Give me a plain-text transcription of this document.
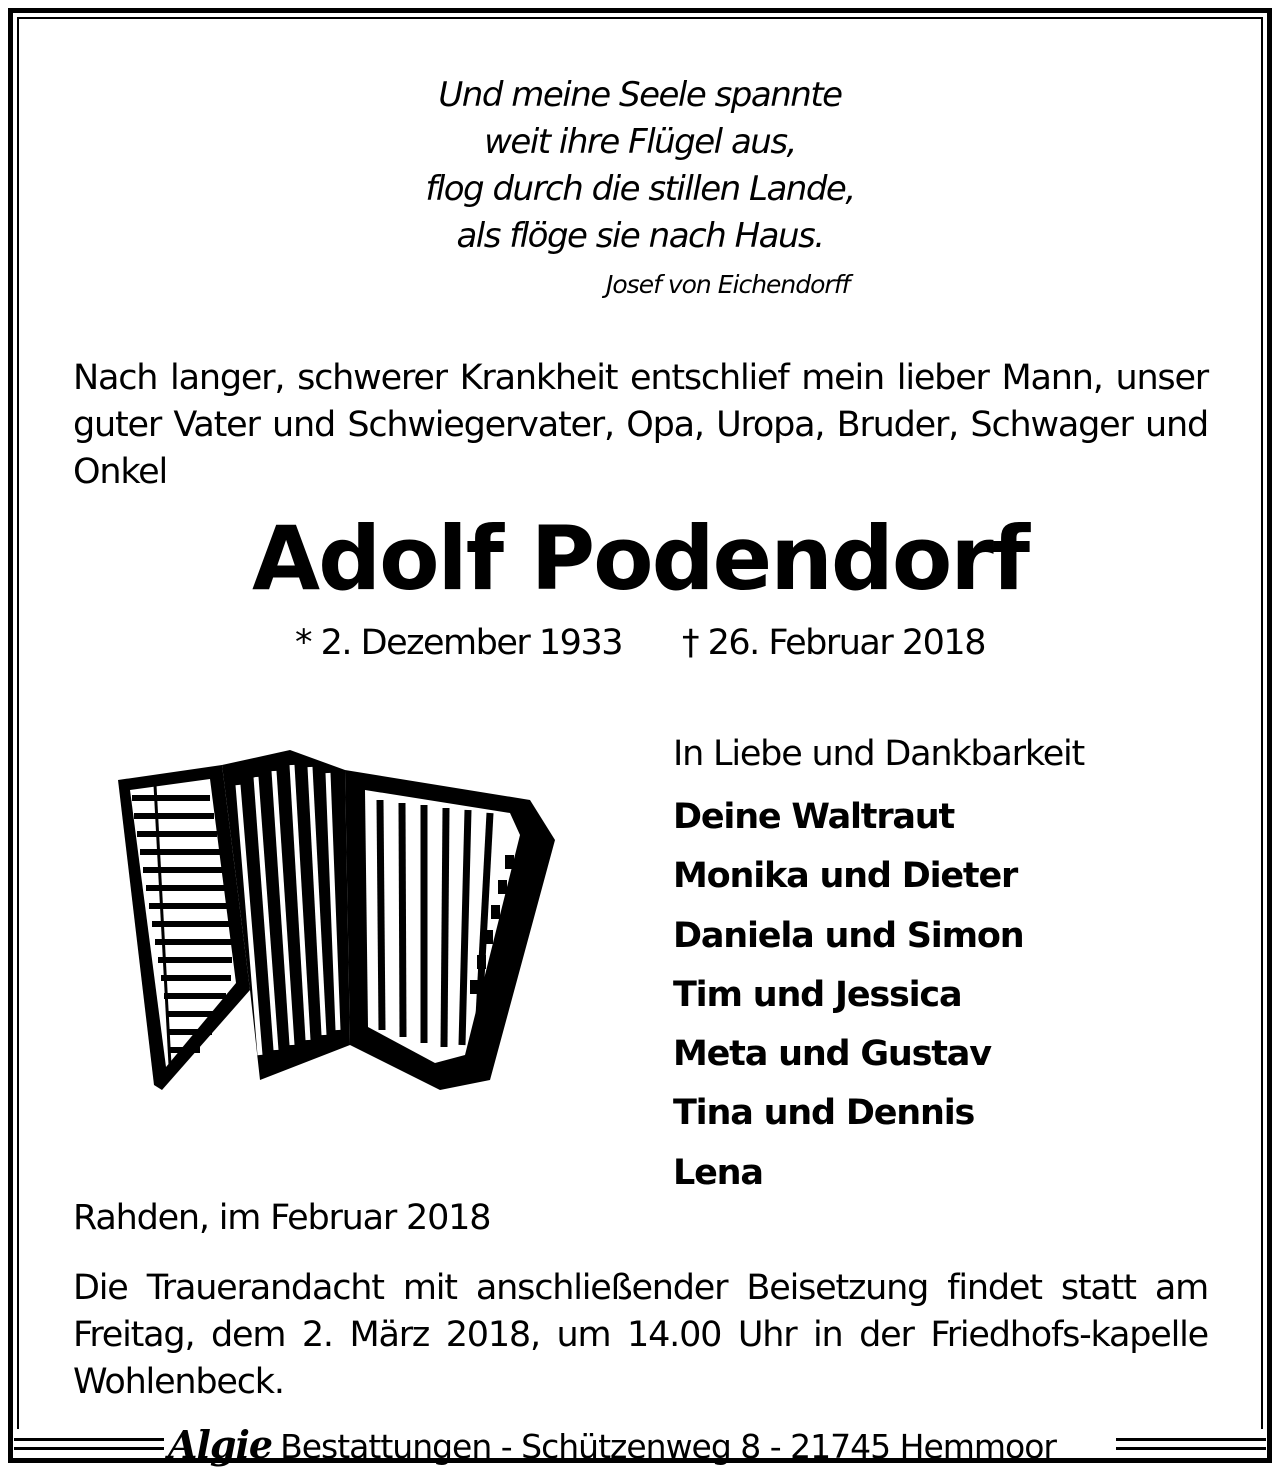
Und meine Seele spannte
weit ihre Flügel aus,
flog durch die stillen Lande,
als flöge sie nach Haus.
Josef von Eichendorff
Nach langer, schwerer Krankheit entschlief mein lieber Mann, unser guter Vater und Schwiegervater, Opa, Uropa, Bruder, Schwager und Onkel
Adolf Podendorf
* 2. Dezember 1933 † 26. Februar 2018
In Liebe und Dankbarkeit
Deine Waltraut
Monika und Dieter
Daniela und Simon
Tim und Jessica
Meta und Gustav
Tina und Dennis
Lena
Rahden, im Februar 2018
Die Trauerandacht mit anschließender Beisetzung findet statt am Freitag, dem 2. März 2018, um 14.00 Uhr in der Friedhofs-kapelle Wohlenbeck.
Algie Bestattungen - Schützenweg 8 - 21745 Hemmoor
